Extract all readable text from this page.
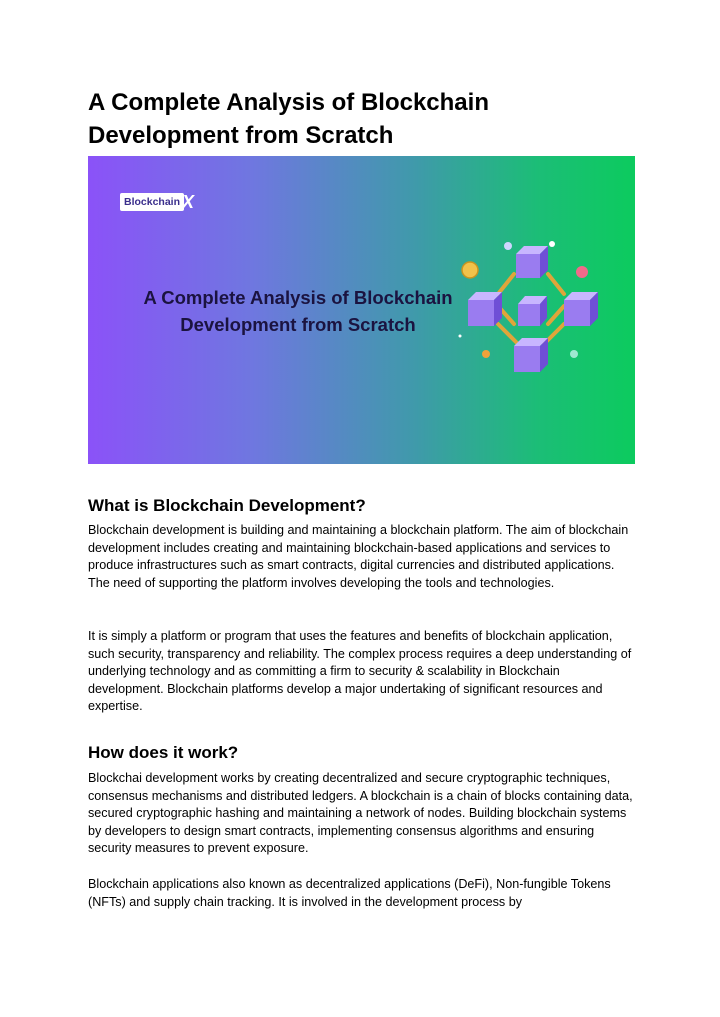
A Complete Analysis of Blockchain Development from Scratch
Blockchain X
A Complete Analysis of Blockchain
Development from Scratch
What is Blockchain Development?

Blockchain development is building and maintaining a blockchain platform. The aim of blockchain development includes creating and maintaining blockchain-based applications and services to produce infrastructures such as smart contracts, digital currencies and distributed applications. The need of supporting the platform involves developing the tools and technologies.

It is simply a platform or program that uses the features and benefits of blockchain application, such security, transparency and reliability. The complex process requires a deep understanding of underlying technology and as committing a firm to security & scalability in Blockchain development. Blockchain platforms develop a major undertaking of significant resources and expertise.

How does it work?

Blockchai development works by creating decentralized and secure cryptographic techniques, consensus mechanisms and distributed ledgers. A blockchain is a chain of blocks containing data, secured cryptographic hashing and maintaining a network of nodes. Building blockchain systems by developers to design smart contracts, implementing consensus algorithms and ensuring security measures to prevent exposure.

Blockchain applications also known as decentralized applications (DeFi), Non-fungible Tokens (NFTs) and supply chain tracking. It is involved in the development process by
